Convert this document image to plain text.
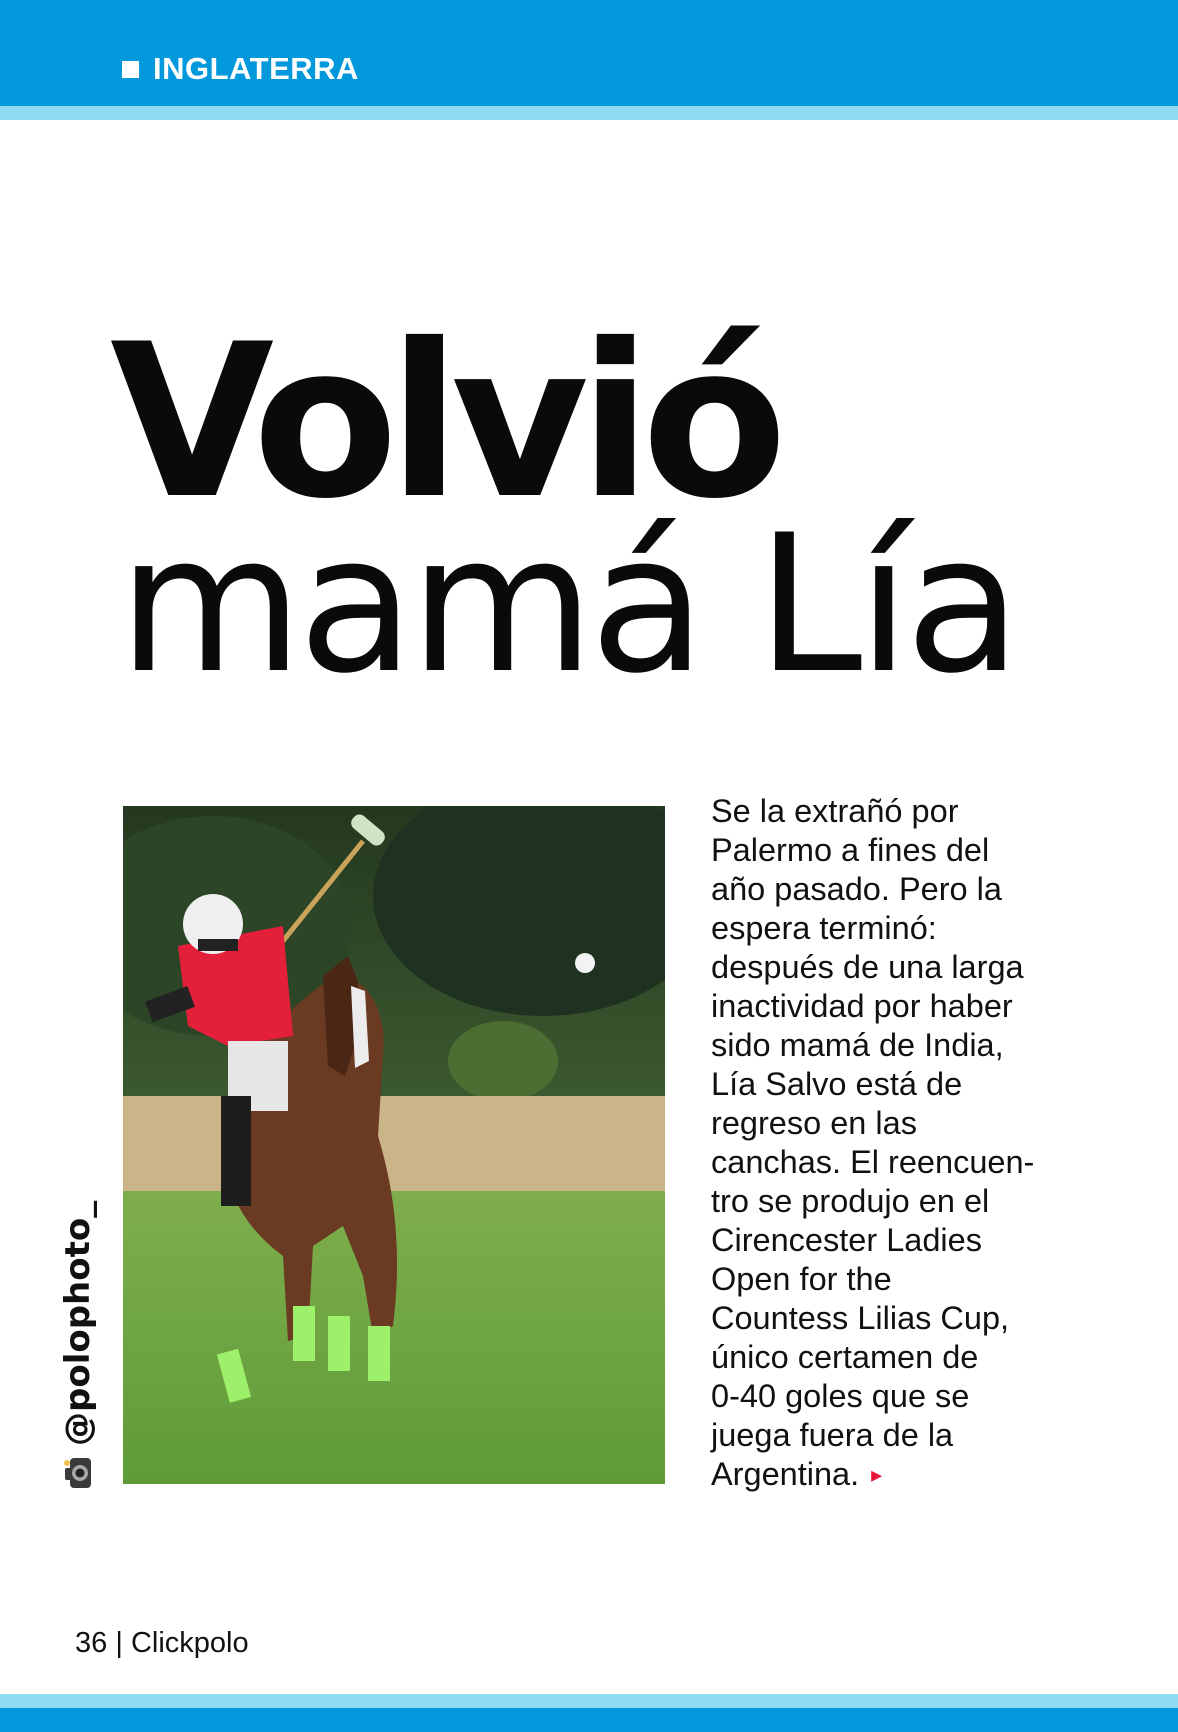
INGLATERRA
Volvió
mamá Lía
@polophoto_
Se la extrañó por
Palermo a fines del
año pasado. Pero la
espera terminó:
después de una larga
inactividad por haber
sido mamá de India,
Lía Salvo está de
regreso en las
canchas. El reencuen-
tro se produjo en el
Cirencester Ladies
Open for the
Countess Lilias Cup,
único certamen de
0-40 goles que se
juega fuera de la
Argentina. ▸
36 | Clickpolo
